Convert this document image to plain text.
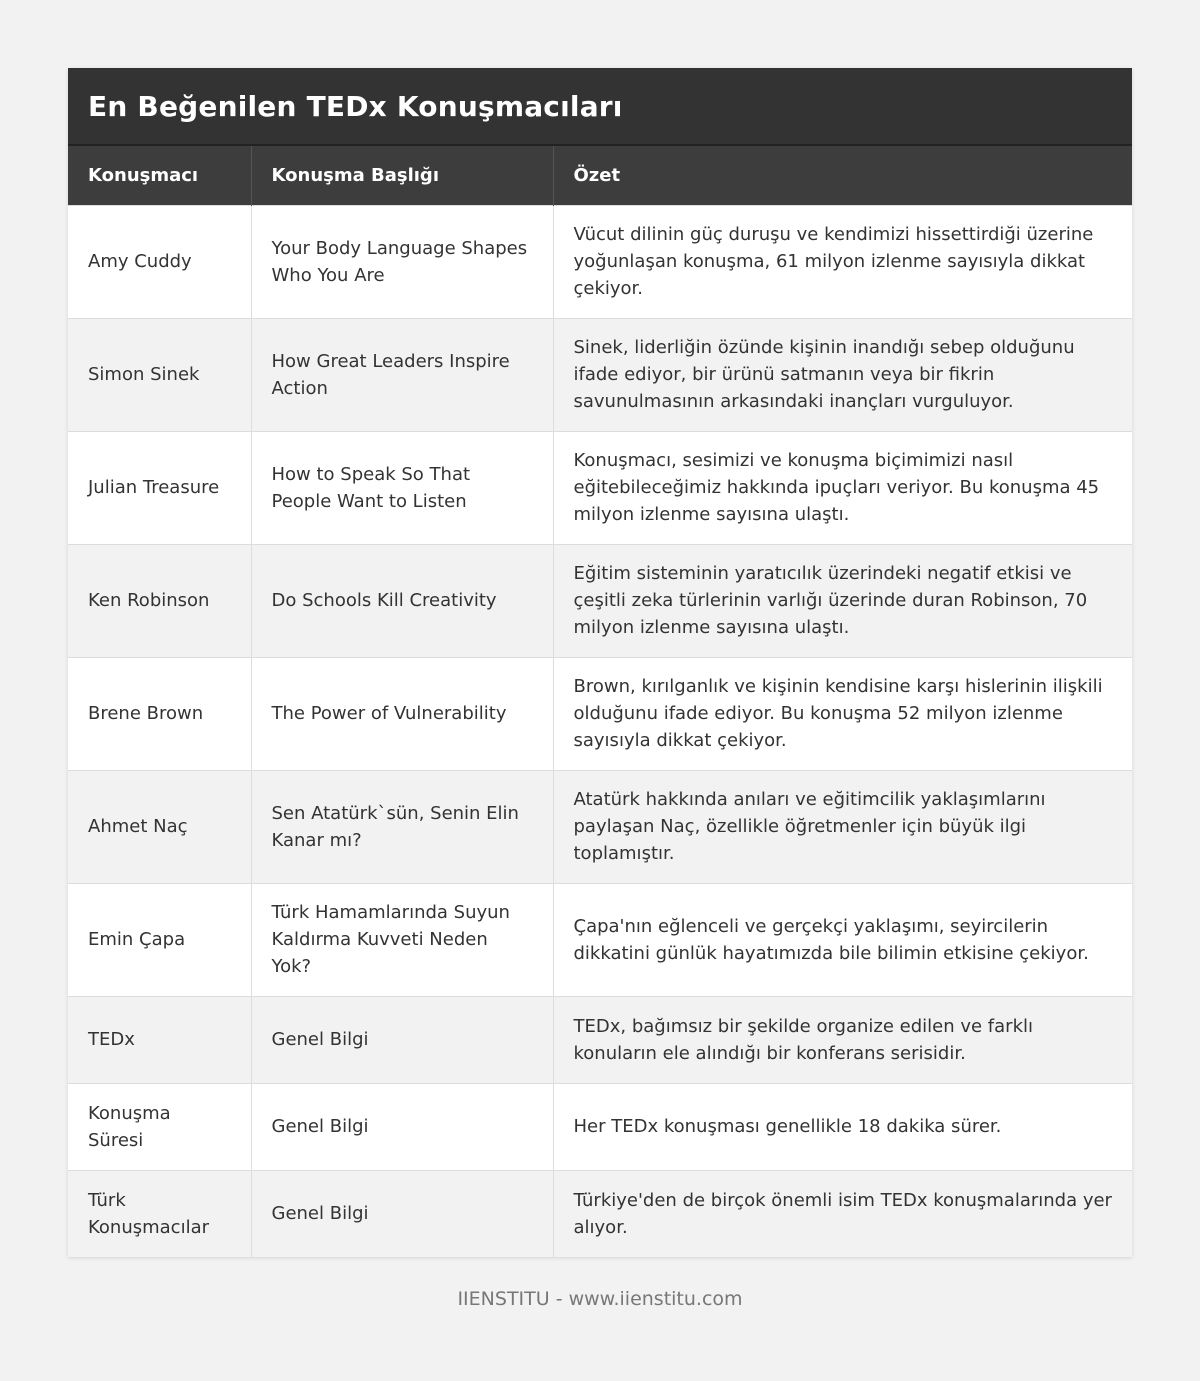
En Beğenilen TEDx Konuşmacıları
Konuşmacı	Konuşma Başlığı	Özet
Amy Cuddy	Your Body Language Shapes Who You Are	Vücut dilinin güç duruşu ve kendimizi hissettirdiği üzerine yoğunlaşan konuşma, 61 milyon izlenme sayısıyla dikkat çekiyor.
Simon Sinek	How Great Leaders Inspire Action	Sinek, liderliğin özünde kişinin inandığı sebep olduğunu ifade ediyor, bir ürünü satmanın veya bir fikrin savunulmasının arkasındaki inançları vurguluyor.
Julian Treasure	How to Speak So That People Want to Listen	Konuşmacı, sesimizi ve konuşma biçimimizi nasıl eğitebileceğimiz hakkında ipuçları veriyor. Bu konuşma 45 milyon izlenme sayısına ulaştı.
Ken Robinson	Do Schools Kill Creativity	Eğitim sisteminin yaratıcılık üzerindeki negatif etkisi ve çeşitli zeka türlerinin varlığı üzerinde duran Robinson, 70 milyon izlenme sayısına ulaştı.
Brene Brown	The Power of Vulnerability	Brown, kırılganlık ve kişinin kendisine karşı hislerinin ilişkili olduğunu ifade ediyor. Bu konuşma 52 milyon izlenme sayısıyla dikkat çekiyor.
Ahmet Naç	Sen Atatürk`sün, Senin Elin Kanar mı?	Atatürk hakkında anıları ve eğitimcilik yaklaşımlarını paylaşan Naç, özellikle öğretmenler için büyük ilgi toplamıştır.
Emin Çapa	Türk Hamamlarında Suyun Kaldırma Kuvveti Neden Yok?	Çapa'nın eğlenceli ve gerçekçi yaklaşımı, seyircilerin dikkatini günlük hayatımızda bile bilimin etkisine çekiyor.
TEDx	Genel Bilgi	TEDx, bağımsız bir şekilde organize edilen ve farklı konuların ele alındığı bir konferans serisidir.
Konuşma Süresi	Genel Bilgi	Her TEDx konuşması genellikle 18 dakika sürer.
Türk Konuşmacılar	Genel Bilgi	Türkiye'den de birçok önemli isim TEDx konuşmalarında yer alıyor.
IIENSTITU - www.iienstitu.com
